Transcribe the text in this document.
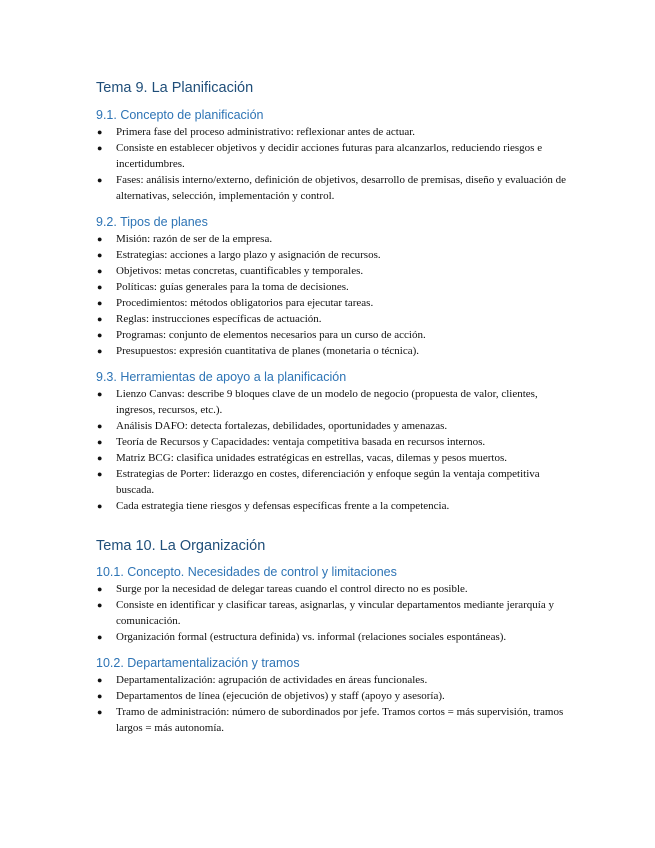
Tema 9. La Planificación
9.1. Concepto de planificación
● Primera fase del proceso administrativo: reflexionar antes de actuar.
● Consiste en establecer objetivos y decidir acciones futuras para alcanzarlos, reduciendo riesgos e incertidumbres.
● Fases: análisis interno/externo, definición de objetivos, desarrollo de premisas, diseño y evaluación de alternativas, selección, implementación y control.
9.2. Tipos de planes
● Misión: razón de ser de la empresa.
● Estrategias: acciones a largo plazo y asignación de recursos.
● Objetivos: metas concretas, cuantificables y temporales.
● Políticas: guías generales para la toma de decisiones.
● Procedimientos: métodos obligatorios para ejecutar tareas.
● Reglas: instrucciones específicas de actuación.
● Programas: conjunto de elementos necesarios para un curso de acción.
● Presupuestos: expresión cuantitativa de planes (monetaria o técnica).
9.3. Herramientas de apoyo a la planificación
● Lienzo Canvas: describe 9 bloques clave de un modelo de negocio (propuesta de valor, clientes, ingresos, recursos, etc.).
● Análisis DAFO: detecta fortalezas, debilidades, oportunidades y amenazas.
● Teoría de Recursos y Capacidades: ventaja competitiva basada en recursos internos.
● Matriz BCG: clasifica unidades estratégicas en estrellas, vacas, dilemas y pesos muertos.
● Estrategias de Porter: liderazgo en costes, diferenciación y enfoque según la ventaja competitiva buscada.
● Cada estrategia tiene riesgos y defensas específicas frente a la competencia.
Tema 10. La Organización
10.1. Concepto. Necesidades de control y limitaciones
● Surge por la necesidad de delegar tareas cuando el control directo no es posible.
● Consiste en identificar y clasificar tareas, asignarlas, y vincular departamentos mediante jerarquía y comunicación.
● Organización formal (estructura definida) vs. informal (relaciones sociales espontáneas).
10.2. Departamentalización y tramos
● Departamentalización: agrupación de actividades en áreas funcionales.
● Departamentos de línea (ejecución de objetivos) y staff (apoyo y asesoría).
● Tramo de administración: número de subordinados por jefe. Tramos cortos = más supervisión, tramos largos = más autonomía.
